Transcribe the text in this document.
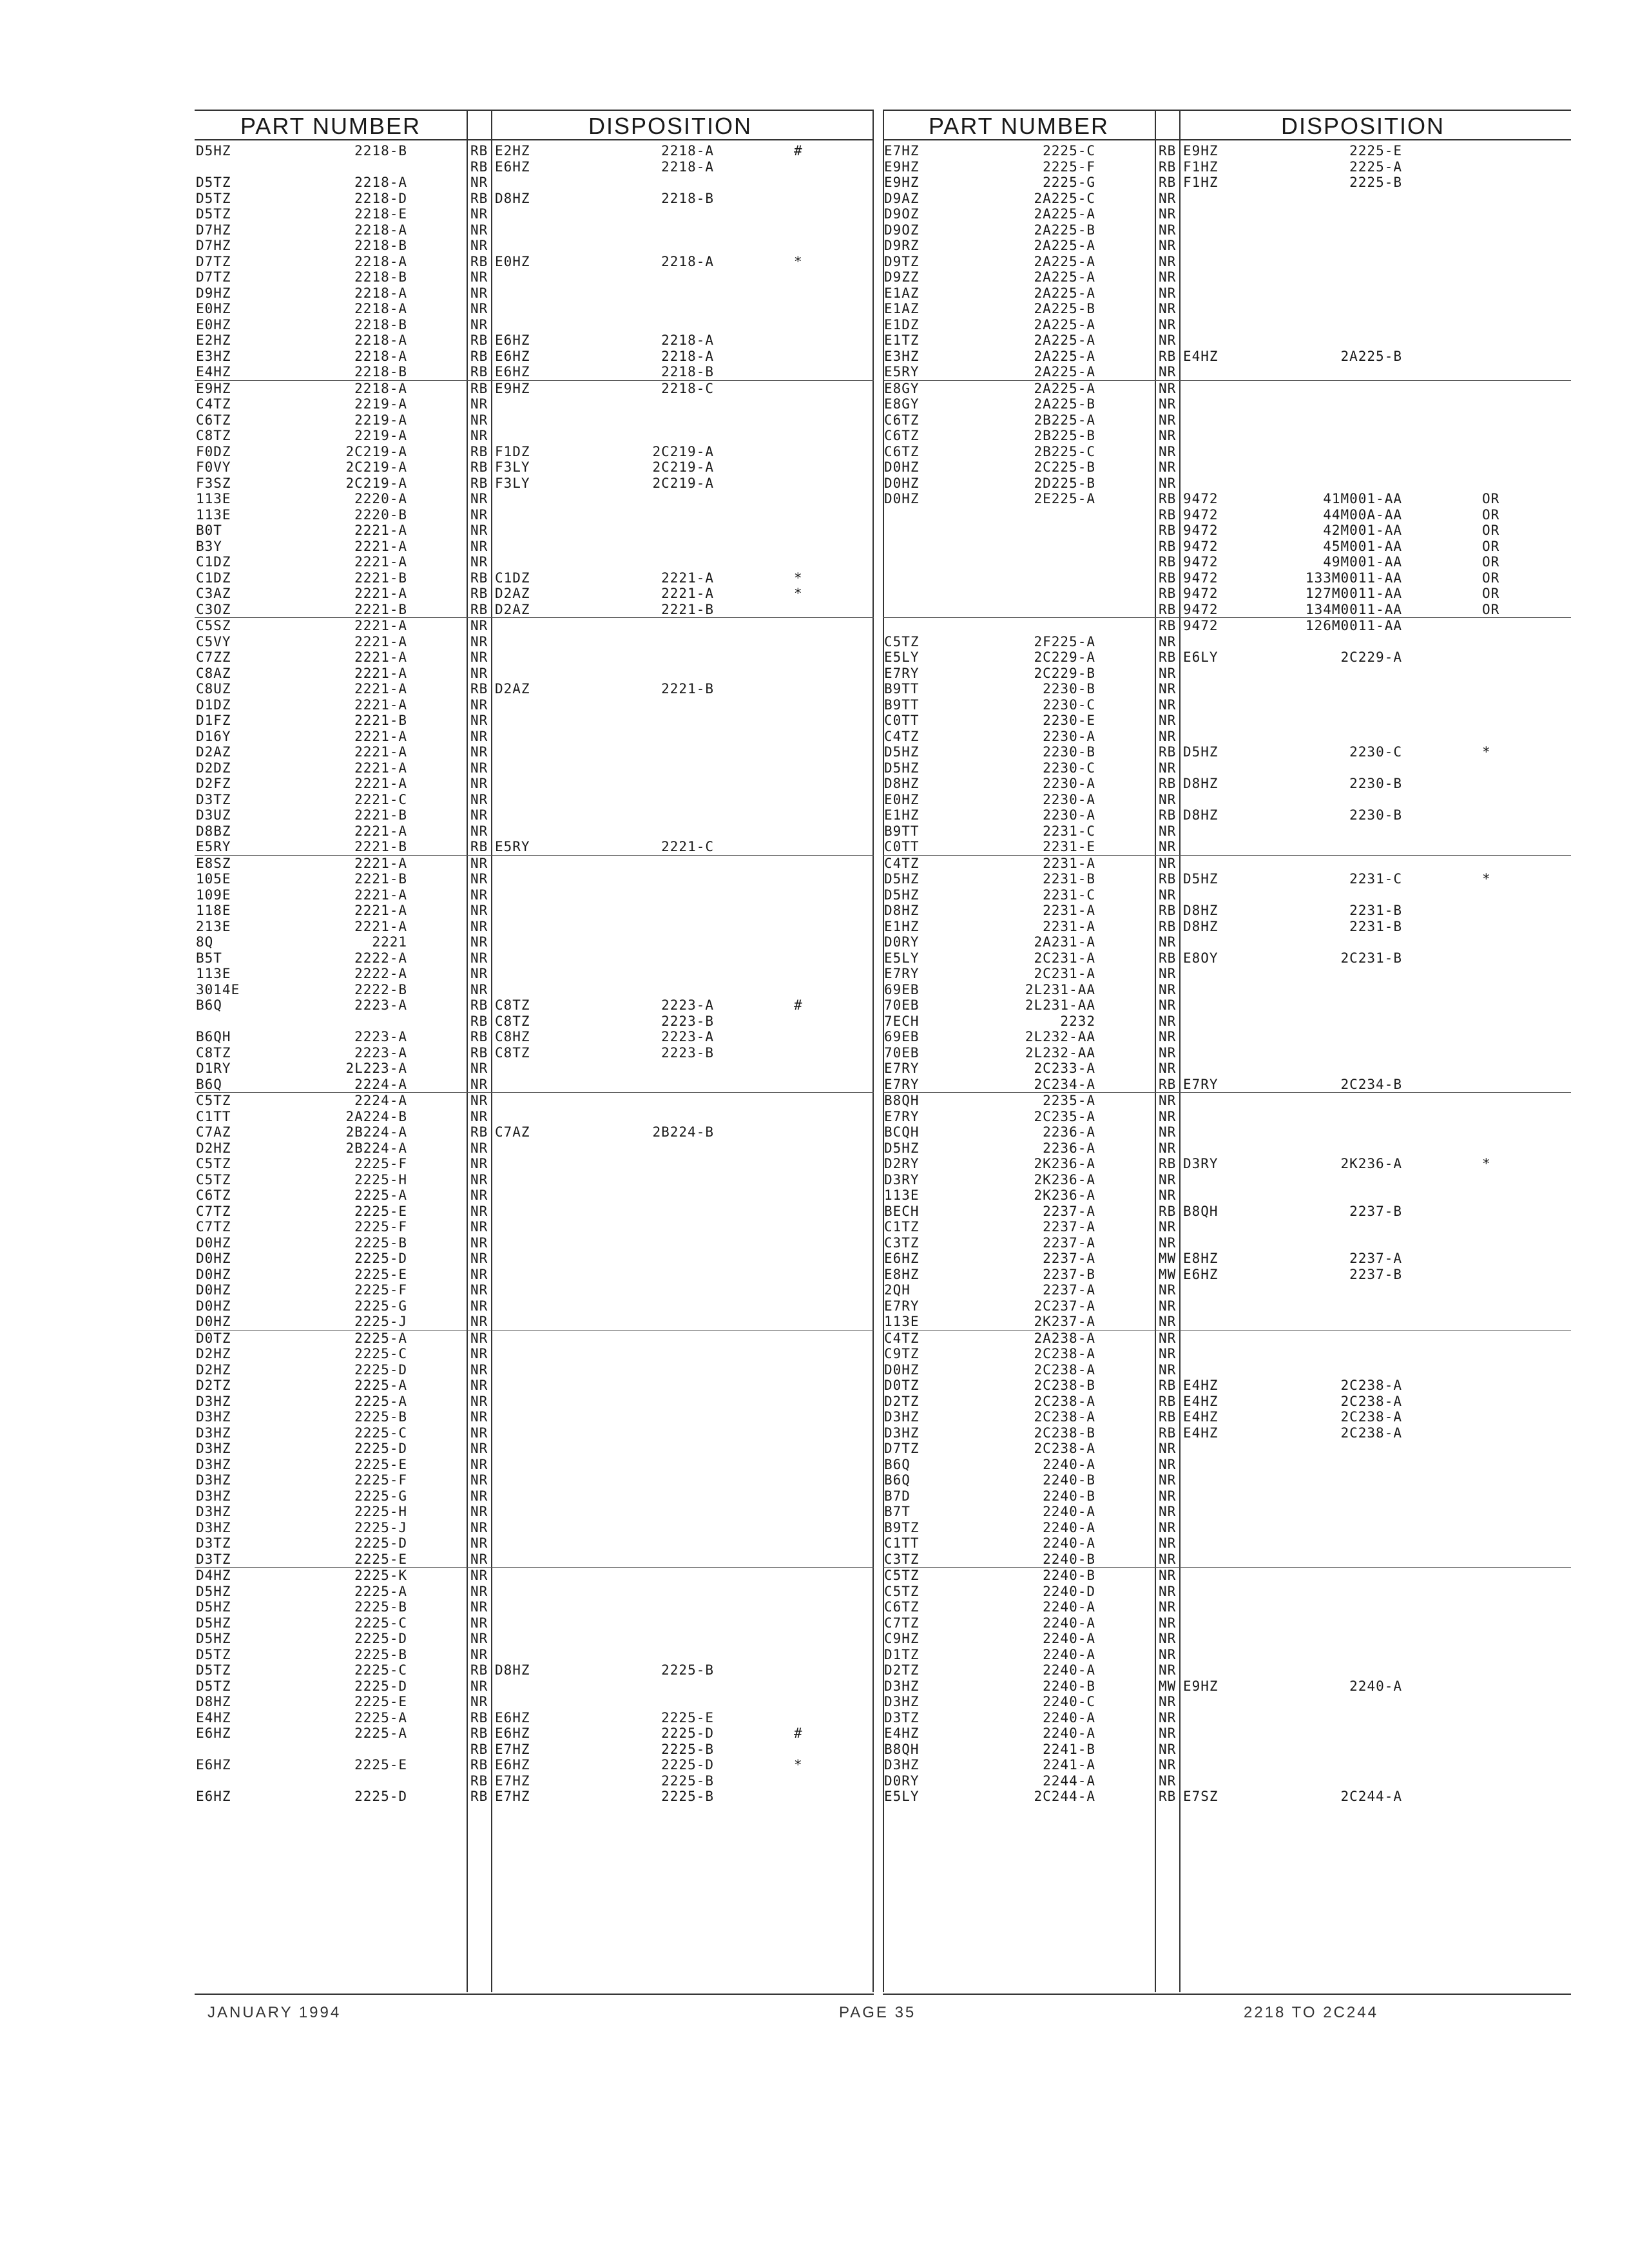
PART NUMBER	DISPOSITION
D5HZ	2218-B	RB E2HZ	2218-A	#
RB E6HZ	2218-A
D5TZ	2218-A	NR
D5TZ	2218-D	RB D8HZ	2218-B
D5TZ	2218-E	NR
D7HZ	2218-A	NR
D7HZ	2218-B	NR
D7TZ	2218-A	RB E0HZ	2218-A	*
D7TZ	2218-B	NR
D9HZ	2218-A	NR
E0HZ	2218-A	NR
E0HZ	2218-B	NR
E2HZ	2218-A	RB E6HZ	2218-A
E3HZ	2218-A	RB E6HZ	2218-A
E4HZ	2218-B	RB E6HZ	2218-B
E9HZ	2218-A	RB E9HZ	2218-C
C4TZ	2219-A	NR
C6TZ	2219-A	NR
C8TZ	2219-A	NR
F0DZ	2C219-A	RB F1DZ	2C219-A
F0VY	2C219-A	RB F3LY	2C219-A
F3SZ	2C219-A	RB F3LY	2C219-A
113E	2220-A	NR
113E	2220-B	NR
B0T	2221-A	NR
B3Y	2221-A	NR
C1DZ	2221-A	NR
C1DZ	2221-B	RB C1DZ	2221-A	*
C3AZ	2221-A	RB D2AZ	2221-A	*
C3OZ	2221-B	RB D2AZ	2221-B
C5SZ	2221-A	NR
C5VY	2221-A	NR
C7ZZ	2221-A	NR
C8AZ	2221-A	NR
C8UZ	2221-A	RB D2AZ	2221-B
D1DZ	2221-A	NR
D1FZ	2221-B	NR
D16Y	2221-A	NR
D2AZ	2221-A	NR
D2DZ	2221-A	NR
D2FZ	2221-A	NR
D3TZ	2221-C	NR
D3UZ	2221-B	NR
D8BZ	2221-A	NR
E5RY	2221-B	RB E5RY	2221-C
E8SZ	2221-A	NR
105E	2221-B	NR
109E	2221-A	NR
118E	2221-A	NR
213E	2221-A	NR
8Q	2221	NR
B5T	2222-A	NR
113E	2222-A	NR
3014E	2222-B	NR
B6Q	2223-A	RB C8TZ	2223-A	#
RB C8TZ	2223-B
B6QH	2223-A	RB C8HZ	2223-A
C8TZ	2223-A	RB C8TZ	2223-B
D1RY	2L223-A	NR
B6Q	2224-A	NR
C5TZ	2224-A	NR
C1TT	2A224-B	NR
C7AZ	2B224-A	RB C7AZ	2B224-B
D2HZ	2B224-A	NR
C5TZ	2225-F	NR
C5TZ	2225-H	NR
C6TZ	2225-A	NR
C7TZ	2225-E	NR
C7TZ	2225-F	NR
D0HZ	2225-B	NR
D0HZ	2225-D	NR
D0HZ	2225-E	NR
D0HZ	2225-F	NR
D0HZ	2225-G	NR
D0HZ	2225-J	NR
D0TZ	2225-A	NR
D2HZ	2225-C	NR
D2HZ	2225-D	NR
D2TZ	2225-A	NR
D3HZ	2225-A	NR
D3HZ	2225-B	NR
D3HZ	2225-C	NR
D3HZ	2225-D	NR
D3HZ	2225-E	NR
D3HZ	2225-F	NR
D3HZ	2225-G	NR
D3HZ	2225-H	NR
D3HZ	2225-J	NR
D3TZ	2225-D	NR
D3TZ	2225-E	NR
D4HZ	2225-K	NR
D5HZ	2225-A	NR
D5HZ	2225-B	NR
D5HZ	2225-C	NR
D5HZ	2225-D	NR
D5TZ	2225-B	NR
D5TZ	2225-C	RB D8HZ	2225-B
D5TZ	2225-D	NR
D8HZ	2225-E	NR
E4HZ	2225-A	RB E6HZ	2225-E
E6HZ	2225-A	RB E6HZ	2225-D	#
RB E7HZ	2225-B
E6HZ	2225-E	RB E6HZ	2225-D	*
RB E7HZ	2225-B
E6HZ	2225-D	RB E7HZ	2225-B
PART NUMBER	DISPOSITION
E7HZ	2225-C	RB E9HZ	2225-E
E9HZ	2225-F	RB F1HZ	2225-A
E9HZ	2225-G	RB F1HZ	2225-B
D9AZ	2A225-C	NR
D9OZ	2A225-A	NR
D9OZ	2A225-B	NR
D9RZ	2A225-A	NR
D9TZ	2A225-A	NR
D9ZZ	2A225-A	NR
E1AZ	2A225-A	NR
E1AZ	2A225-B	NR
E1DZ	2A225-A	NR
E1TZ	2A225-A	NR
E3HZ	2A225-A	RB E4HZ	2A225-B
E5RY	2A225-A	NR
E8GY	2A225-A	NR
E8GY	2A225-B	NR
C6TZ	2B225-A	NR
C6TZ	2B225-B	NR
C6TZ	2B225-C	NR
D0HZ	2C225-B	NR
D0HZ	2D225-B	NR
D0HZ	2E225-A	RB 9472	41M001-AA	OR
RB 9472	44M00A-AA	OR
RB 9472	42M001-AA	OR
RB 9472	45M001-AA	OR
RB 9472	49M001-AA	OR
RB 9472	133M0011-AA	OR
RB 9472	127M0011-AA	OR
RB 9472	134M0011-AA	OR
RB 9472	126M0011-AA
C5TZ	2F225-A	NR
E5LY	2C229-A	RB E6LY	2C229-A
E7RY	2C229-B	NR
B9TT	2230-B	NR
B9TT	2230-C	NR
C0TT	2230-E	NR
C4TZ	2230-A	NR
D5HZ	2230-B	RB D5HZ	2230-C	*
D5HZ	2230-C	NR
D8HZ	2230-A	RB D8HZ	2230-B
E0HZ	2230-A	NR
E1HZ	2230-A	RB D8HZ	2230-B
B9TT	2231-C	NR
C0TT	2231-E	NR
C4TZ	2231-A	NR
D5HZ	2231-B	RB D5HZ	2231-C	*
D5HZ	2231-C	NR
D8HZ	2231-A	RB D8HZ	2231-B
E1HZ	2231-A	RB D8HZ	2231-B
D0RY	2A231-A	NR
E5LY	2C231-A	RB E8OY	2C231-B
E7RY	2C231-A	NR
69EB	2L231-AA	NR
70EB	2L231-AA	NR
7ECH	2232	NR
69EB	2L232-AA	NR
70EB	2L232-AA	NR
E7RY	2C233-A	NR
E7RY	2C234-A	RB E7RY	2C234-B
B8QH	2235-A	NR
E7RY	2C235-A	NR
BCQH	2236-A	NR
D5HZ	2236-A	NR
D2RY	2K236-A	RB D3RY	2K236-A	*
D3RY	2K236-A	NR
113E	2K236-A	NR
BECH	2237-A	RB B8QH	2237-B
C1TZ	2237-A	NR
C3TZ	2237-A	NR
E6HZ	2237-A	MW E8HZ	2237-A
E8HZ	2237-B	MW E6HZ	2237-B
2QH	2237-A	NR
E7RY	2C237-A	NR
113E	2K237-A	NR
C4TZ	2A238-A	NR
C9TZ	2C238-A	NR
D0HZ	2C238-A	NR
D0TZ	2C238-B	RB E4HZ	2C238-A
D2TZ	2C238-A	RB E4HZ	2C238-A
D3HZ	2C238-A	RB E4HZ	2C238-A
D3HZ	2C238-B	RB E4HZ	2C238-A
D7TZ	2C238-A	NR
B6Q	2240-A	NR
B6Q	2240-B	NR
B7D	2240-B	NR
B7T	2240-A	NR
B9TZ	2240-A	NR
C1TT	2240-A	NR
C3TZ	2240-B	NR
C5TZ	2240-B	NR
C5TZ	2240-D	NR
C6TZ	2240-A	NR
C7TZ	2240-A	NR
C9HZ	2240-A	NR
D1TZ	2240-A	NR
D2TZ	2240-A	NR
D3HZ	2240-B	MW E9HZ	2240-A
D3HZ	2240-C	NR
D3TZ	2240-A	NR
E4HZ	2240-A	NR
B8QH	2241-B	NR
D3HZ	2241-A	NR
D0RY	2244-A	NR
E5LY	2C244-A	RB E7SZ	2C244-A
JANUARY 1994	PAGE 35	2218 TO 2C244
